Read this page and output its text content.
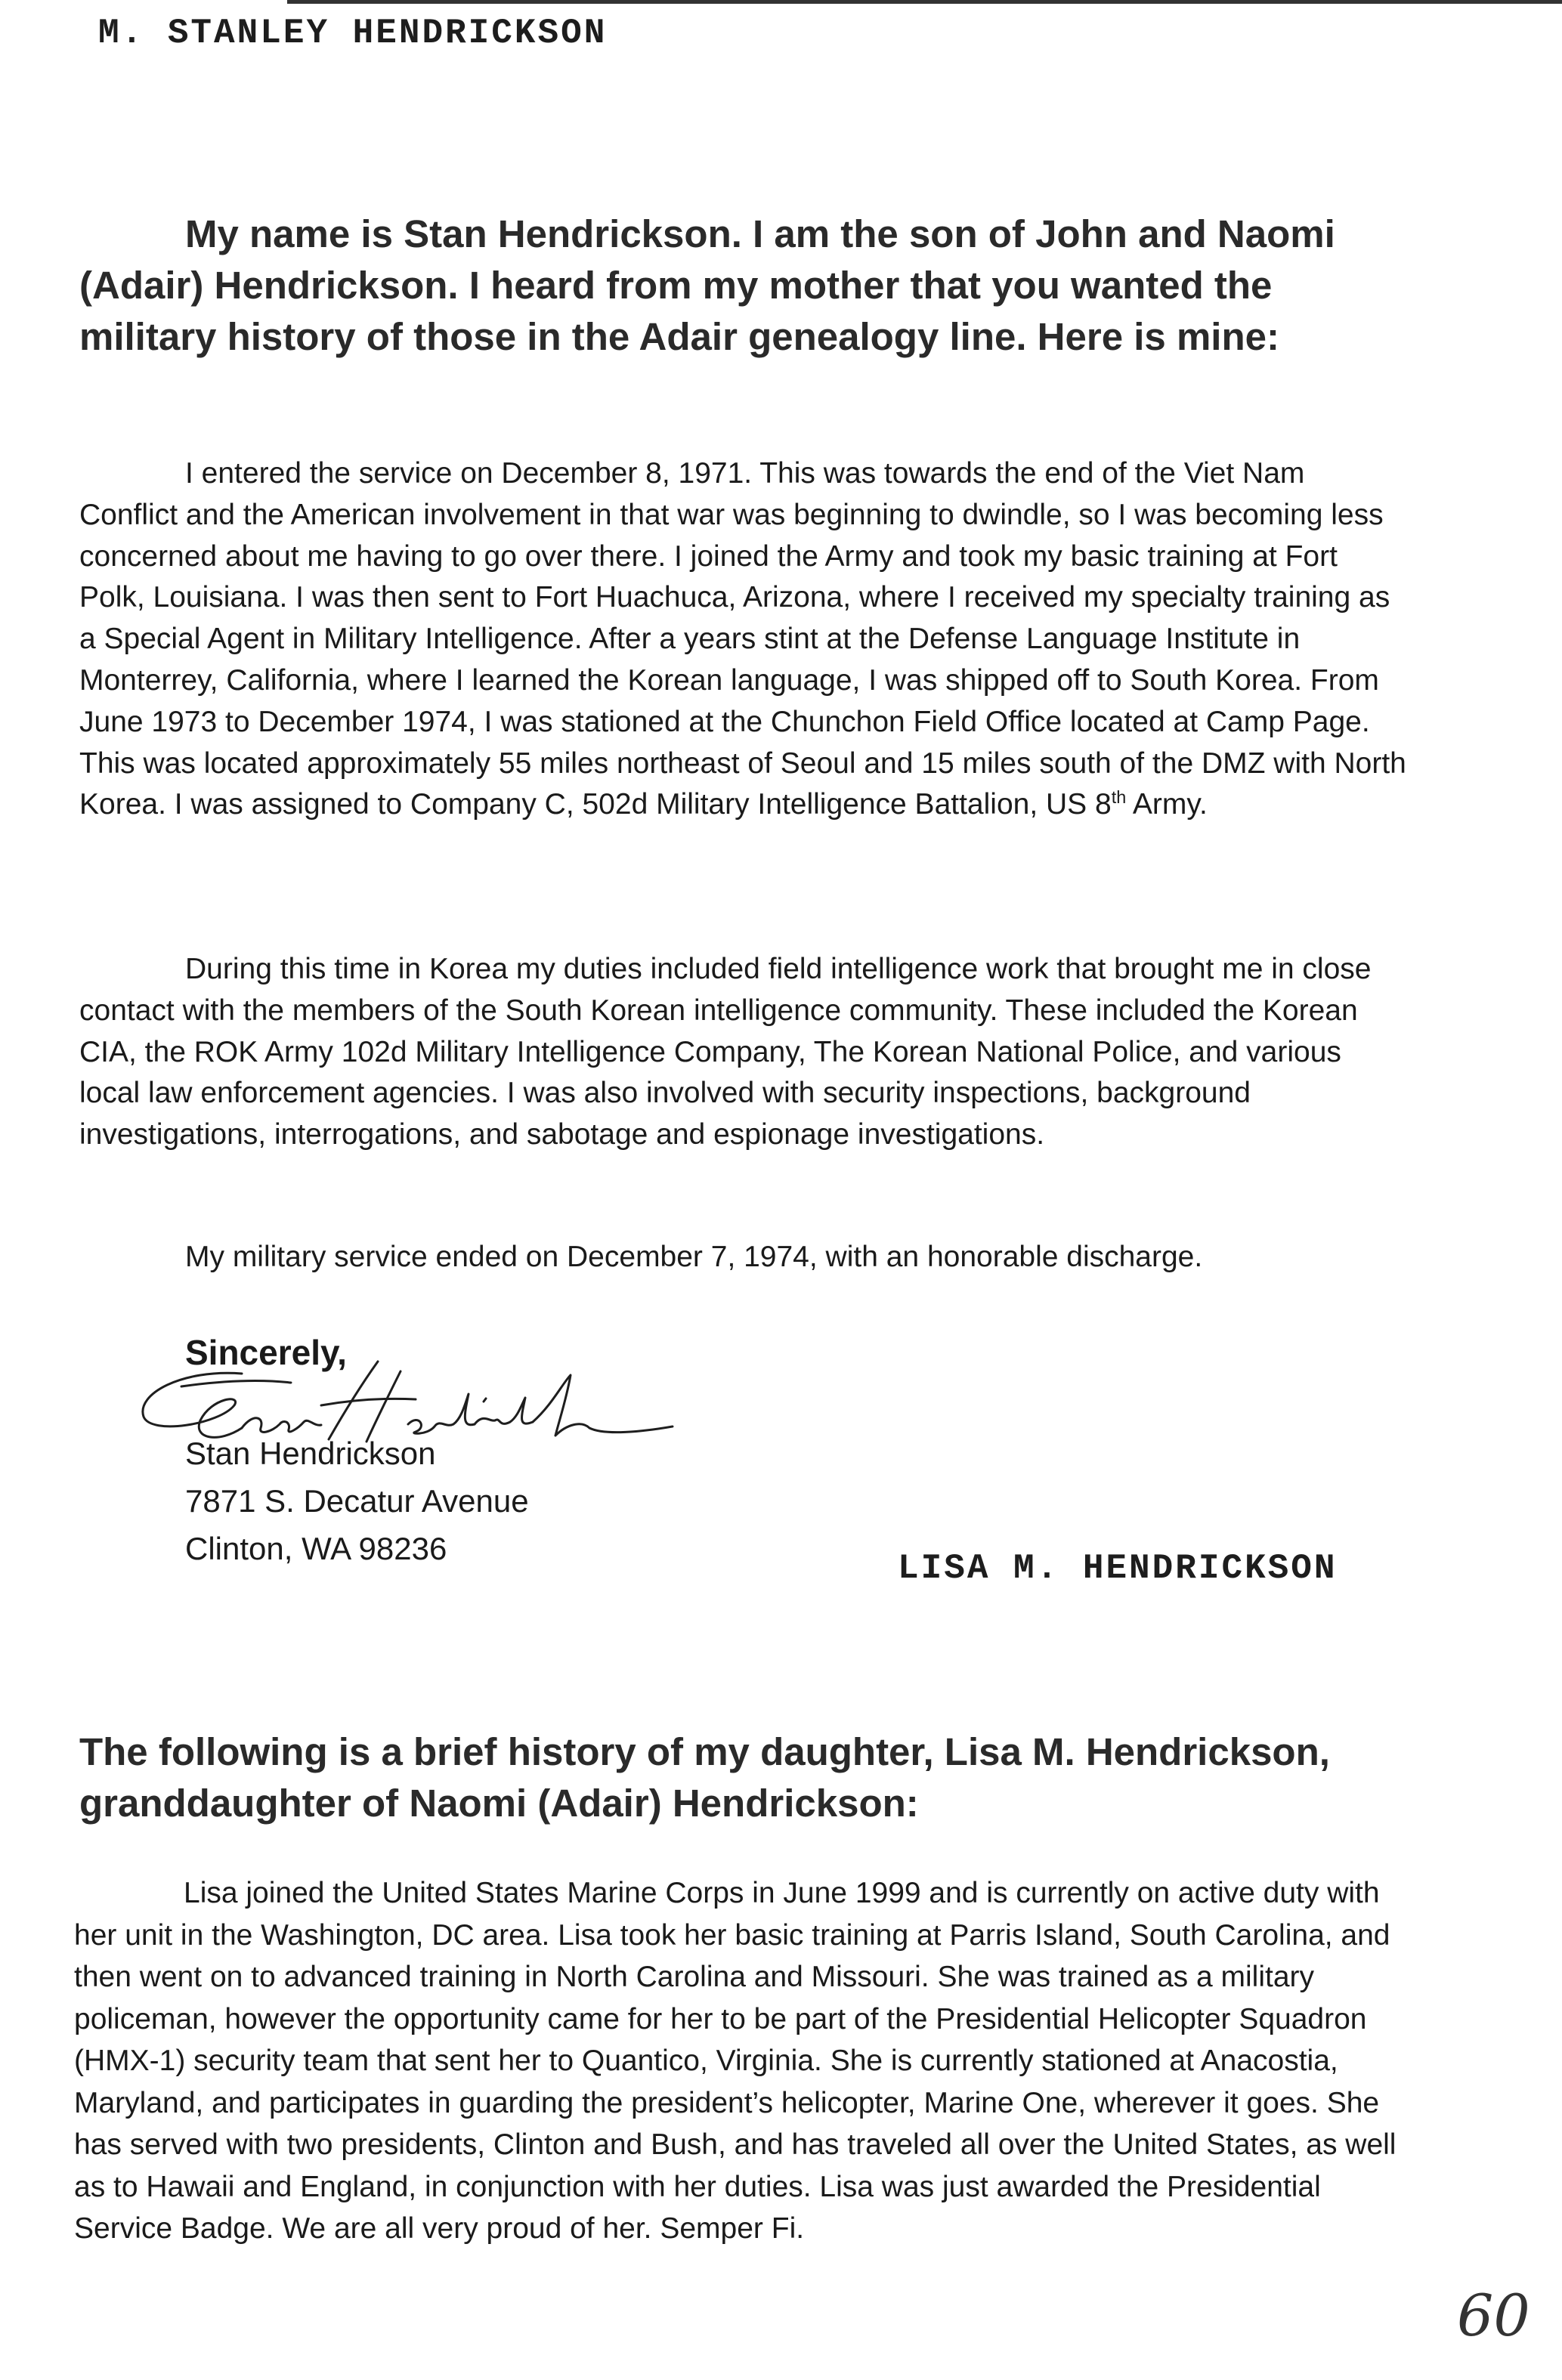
M. STANLEY HENDRICKSON

My name is Stan Hendrickson. I am the son of John and Naomi (Adair) Hendrickson. I heard from my mother that you wanted the military history of those in the Adair genealogy line. Here is mine:

I entered the service on December 8, 1971. This was towards the end of the Viet Nam Conflict and the American involvement in that war was beginning to dwindle, so I was becoming less concerned about me having to go over there. I joined the Army and took my basic training at Fort Polk, Louisiana. I was then sent to Fort Huachuca, Arizona, where I received my specialty training as a Special Agent in Military Intelligence. After a years stint at the Defense Language Institute in Monterrey, California, where I learned the Korean language, I was shipped off to South Korea. From June 1973 to December 1974, I was stationed at the Chunchon Field Office located at Camp Page. This was located approximately 55 miles northeast of Seoul and 15 miles south of the DMZ with North Korea. I was assigned to Company C, 502d Military Intelligence Battalion, US 8th Army.

During this time in Korea my duties included field intelligence work that brought me in close contact with the members of the South Korean intelligence community. These included the Korean CIA, the ROK Army 102d Military Intelligence Company, The Korean National Police, and various local law enforcement agencies. I was also involved with security inspections, background investigations, interrogations, and sabotage and espionage investigations.

My military service ended on December 7, 1974, with an honorable discharge.

Sincerely,
Stan Hendrickson
7871 S. Decatur Avenue
Clinton, WA 98236
LISA M. HENDRICKSON

The following is a brief history of my daughter, Lisa M. Hendrickson, granddaughter of Naomi (Adair) Hendrickson:

Lisa joined the United States Marine Corps in June 1999 and is currently on active duty with her unit in the Washington, DC area. Lisa took her basic training at Parris Island, South Carolina, and then went on to advanced training in North Carolina and Missouri. She was trained as a military policeman, however the opportunity came for her to be part of the Presidential Helicopter Squadron (HMX-1) security team that sent her to Quantico, Virginia. She is currently stationed at Anacostia, Maryland, and participates in guarding the president’s helicopter, Marine One, wherever it goes. She has served with two presidents, Clinton and Bush, and has traveled all over the United States, as well as to Hawaii and England, in conjunction with her duties. Lisa was just awarded the Presidential Service Badge. We are all very proud of her. Semper Fi.

60
